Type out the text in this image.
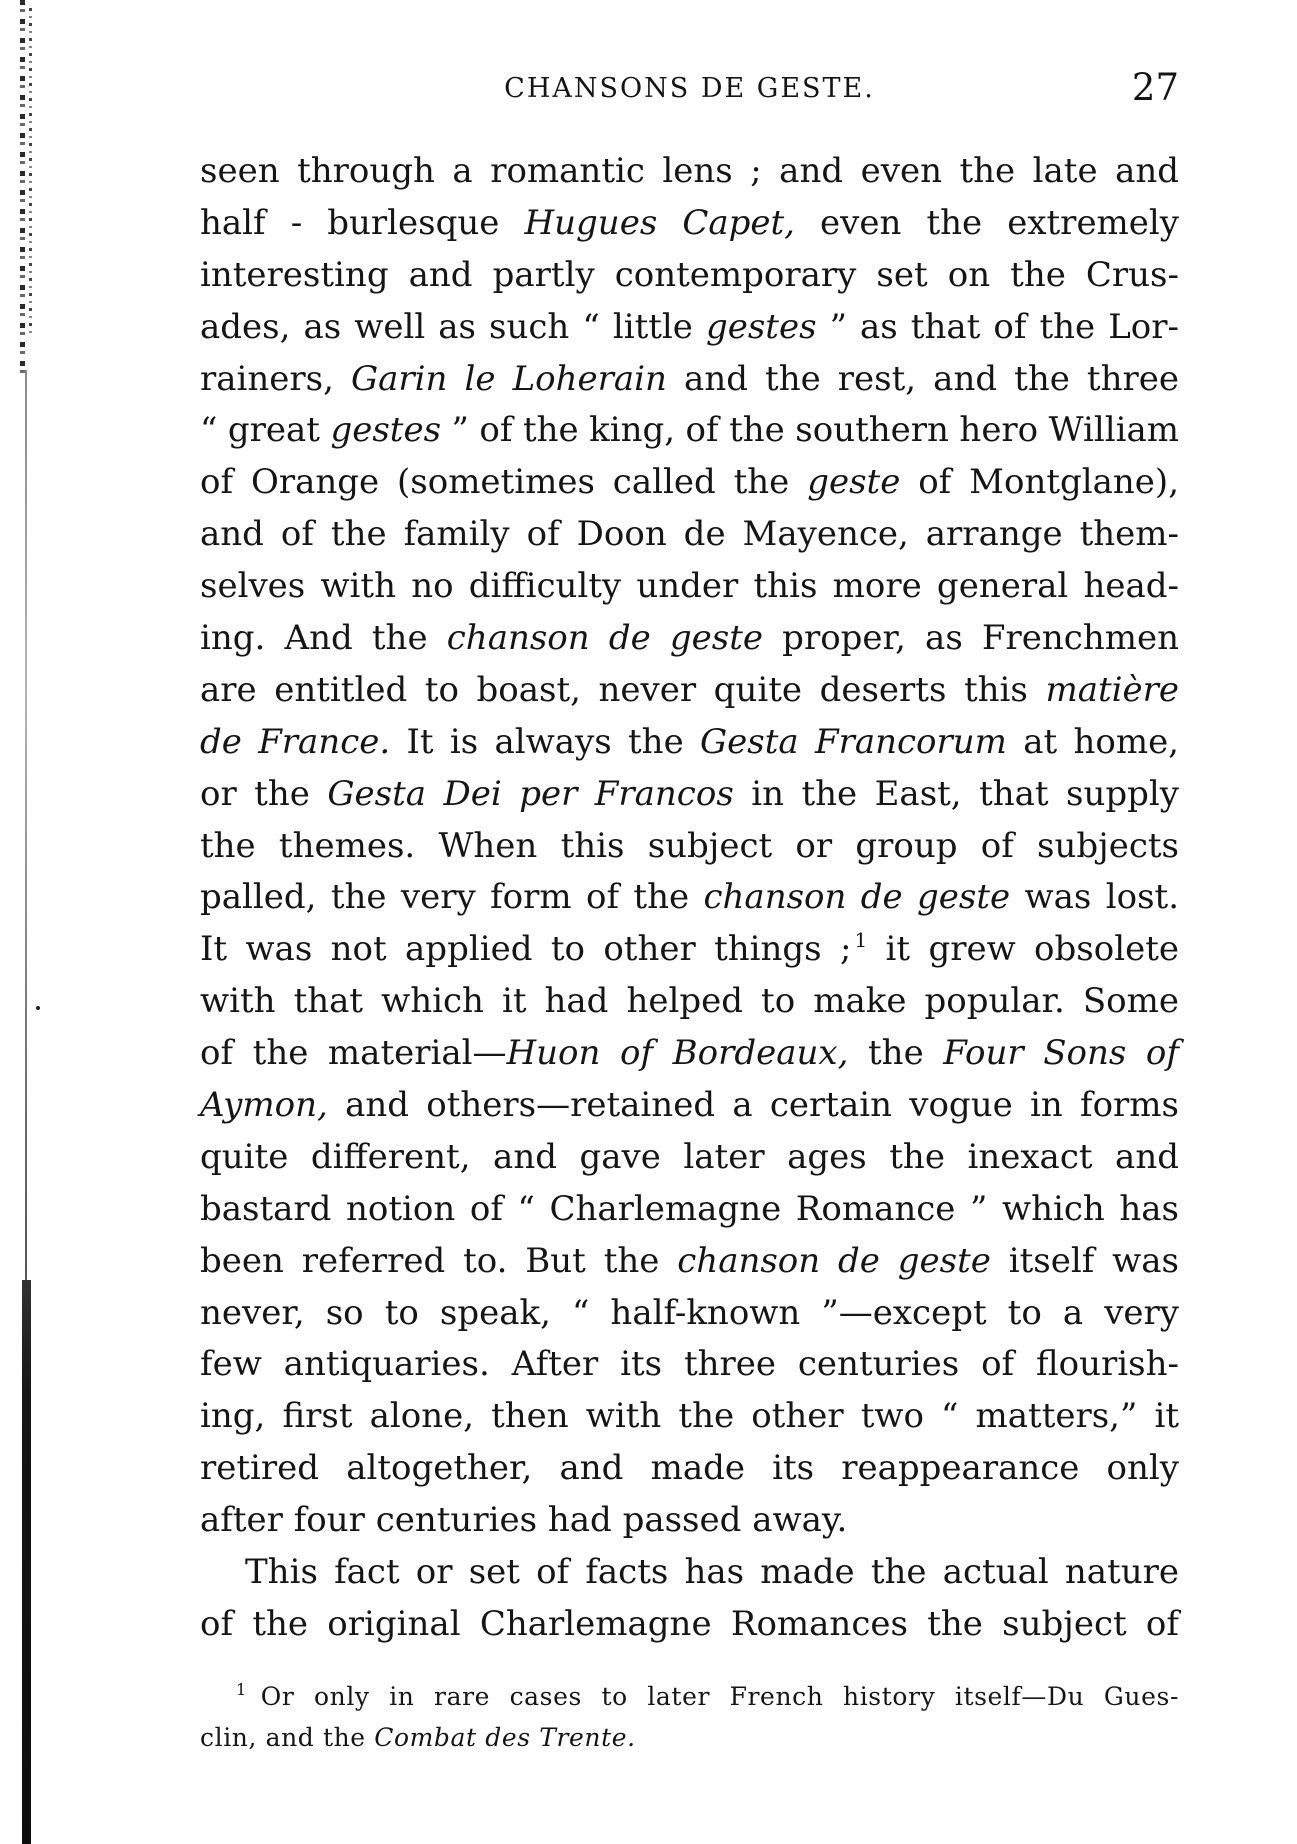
CHANSONS DE GESTE.	27
seen through a romantic lens ; and even the late and
half - burlesque Hugues Capet, even the extremely
interesting and partly contemporary set on the Crus-
ades, as well as such “ little gestes ” as that of the Lor-
rainers, Garin le Loherain and the rest, and the three
“ great gestes ” of the king, of the southern hero William
of Orange (sometimes called the geste of Montglane),
and of the family of Doon de Mayence, arrange them-
selves with no difficulty under this more general head-
ing. And the chanson de geste proper, as Frenchmen
are entitled to boast, never quite deserts this matière
de France. It is always the Gesta Francorum at home,
or the Gesta Dei per Francos in the East, that supply
the themes. When this subject or group of subjects
palled, the very form of the chanson de geste was lost.
It was not applied to other things ; $^1$ it grew obsolete
with that which it had helped to make popular. Some
of the material—Huon of Bordeaux, the Four Sons of
Aymon, and others—retained a certain vogue in forms
quite different, and gave later ages the inexact and
bastard notion of “ Charlemagne Romance ” which has
been referred to. But the chanson de geste itself was
never, so to speak, “ half-known ”—except to a very
few antiquaries. After its three centuries of flourish-
ing, first alone, then with the other two “ matters,” it
retired altogether, and made its reappearance only
after four centuries had passed away.
This fact or set of facts has made the actual nature
of the original Charlemagne Romances the subject of
$^1$ Or only in rare cases to later French history itself—Du Gues-
clin, and the Combat des Trente.
